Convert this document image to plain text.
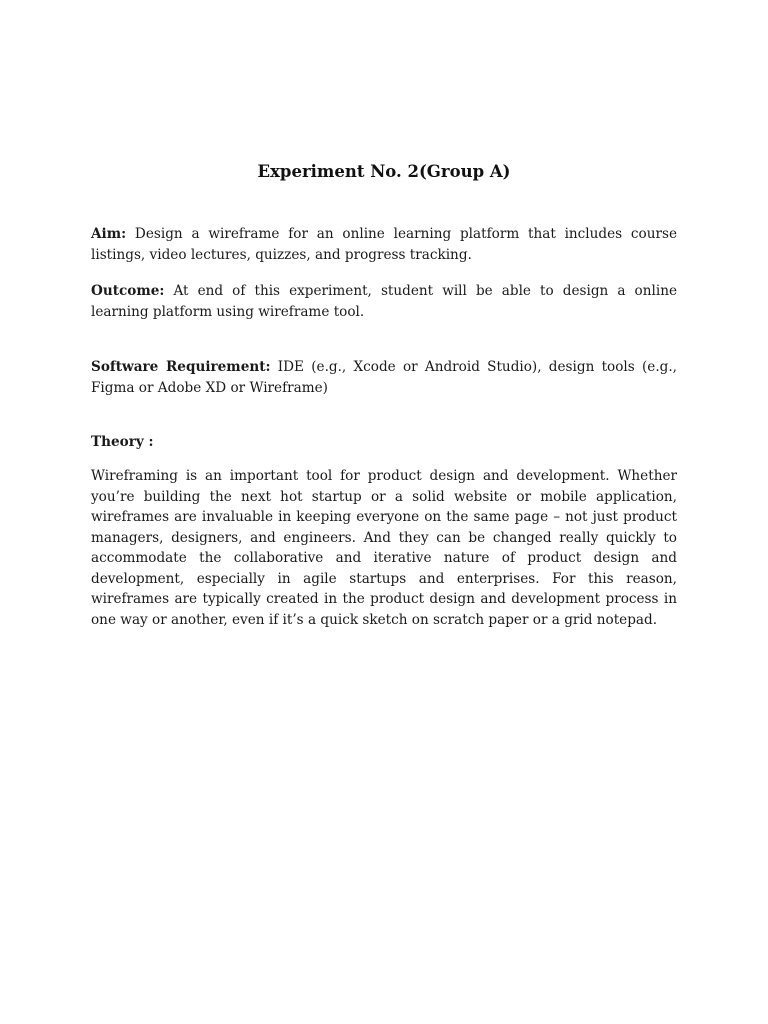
Experiment No. 2(Group A)

Aim: Design a wireframe for an online learning platform that includes course listings, video lectures, quizzes, and progress tracking.

Outcome: At end of this experiment, student will be able to design a online learning platform using wireframe tool.

Software Requirement: IDE (e.g., Xcode or Android Studio), design tools (e.g., Figma or Adobe XD or Wireframe)

Theory :

Wireframing is an important tool for product design and development. Whether you’re building the next hot startup or a solid website or mobile application, wireframes are invaluable in keeping everyone on the same page – not just product managers, designers, and engineers. And they can be changed really quickly to accommodate the collaborative and iterative nature of product design and development, especially in agile startups and enterprises. For this reason, wireframes are typically created in the product design and development process in one way or another, even if it’s a quick sketch on scratch paper or a grid notepad.
